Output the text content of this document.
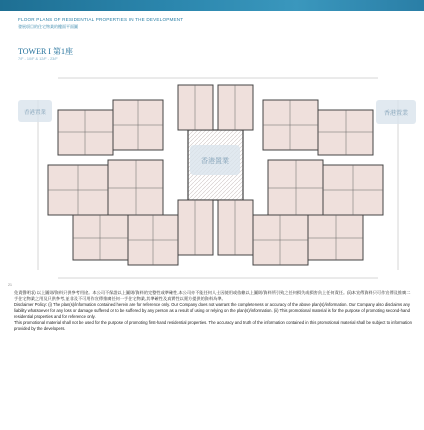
FLOOR PLANS OF RESIDENTIAL PROPERTIES IN THE DEVELOPMENT
發展項目的住宅物業的樓面平面圖
TOWER I 第1座
7/F - 10/F & 12/F - 23/F
香港置業
香港置業
香港置業
21

免責聲明:(i) 以上圖則/資料只供參考用途。本公司不保證以上圖則/資料的完整性或準確性,本公司亦不能任何人士因使用或依賴以上圖則/資料所引致之任何損失或損害負上任何責任。(ii)本宣傳資料只可作宣傳及推廣二手住宅物業之用及只供參考,並非及不可用作宣傳推廣任何一手住宅物業,其準確性及真實性以賣方提供的資料為準。

Disclaimer Policy: (i) The plan(s)/information contained herein are for reference only. Our Company does not warrant the completeness or accuracy of the above plan(s)/information. Our Company also disclaims any liability whatsoever for any loss or damage suffered or to be suffered by any person as a result of using or relying on the plan(s)/information. (ii) This promotional material is for the purpose of promoting second-hand residential properties and for reference only.

This promotional material shall not be used for the purpose of promoting first-hand residential properties. The accuracy and truth of the information contained in this promotional material shall be subject to information provided by the developers.
